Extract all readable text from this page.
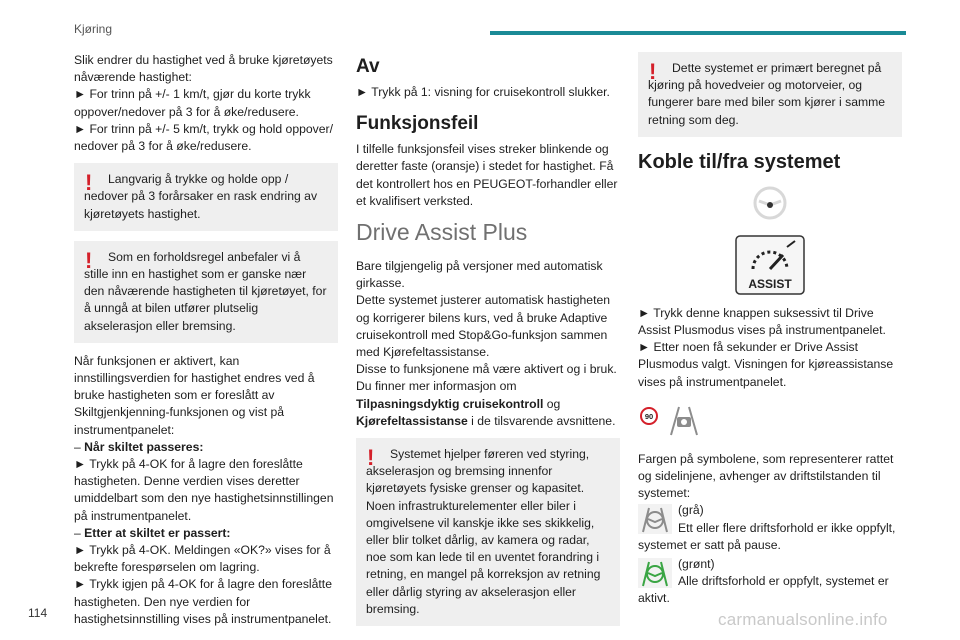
Kjøring

Slik endrer du hastighet ved å bruke kjøretøyets nåværende hastighet:

► For trinn på +/- 1 km/t, gjør du korte trykk oppover/nedover på 3 for å øke/redusere.

► For trinn på +/- 5 km/t, trykk og hold oppover/ nedover på 3 for å øke/redusere.

!	Langvarig å trykke og holde opp / nedover på 3 forårsaker en rask endring av kjøretøyets hastighet.
!	Som en forholdsregel anbefaler vi å stille inn en hastighet som er ganske nær den nåværende hastigheten til kjøretøyet, for å unngå at bilen utfører plutselig akselerasjon eller bremsing.

Når funksjonen er aktivert, kan innstillingsverdien for hastighet endres ved å bruke hastigheten som er foreslått av Skiltgjenkjenning-funksjonen og vist på instrumentpanelet:

– Når skiltet passeres:

► Trykk på 4-OK for å lagre den foreslåtte hastigheten. Denne verdien vises deretter umiddelbart som den nye hastighetsinnstillingen på instrumentpanelet.

– Etter at skiltet er passert:

► Trykk på 4-OK. Meldingen «OK?» vises for å bekrefte forespørselen om lagring.

► Trykk igjen på 4-OK for å lagre den foreslåtte hastigheten. Den nye verdien for hastighetsinnstilling vises på instrumentpanelet.

Av

► Trykk på 1: visning for cruisekontroll slukker.

Funksjonsfeil

I tilfelle funksjonsfeil vises streker blinkende og deretter faste (oransje) i stedet for hastighet. Få det kontrollert hos en PEUGEOT-forhandler eller et kvalifisert verksted.

Drive Assist Plus

Bare tilgjengelig på versjoner med automatisk girkasse.

Dette systemet justerer automatisk hastigheten og korrigerer bilens kurs, ved å bruke Adaptive cruisekontroll med Stop&Go-funksjon sammen med Kjørefeltassistanse.

Disse to funksjonene må være aktivert og i bruk. Du finner mer informasjon om
Tilpasningsdyktig cruisekontroll og
Kjørefeltassistanse i de tilsvarende avsnittene.

!	Systemet hjelper føreren ved styring, akselerasjon og bremsing innenfor kjøretøyets fysiske grenser og kapasitet. Noen infrastrukturelementer eller biler i omgivelsene vil kanskje ikke ses skikkelig, eller blir tolket dårlig, av kamera og radar, noe som kan lede til en uventet forandring i retning, en mangel på korreksjon av retning eller dårlig styring av akselerasjon eller bremsing.
!	Dette systemet er primært beregnet på kjøring på hovedveier og motorveier, og fungerer bare med biler som kjører i samme retning som deg.
Koble til/fra systemet
ASSIST

► Trykk denne knappen suksessivt til Drive Assist Plusmodus vises på instrumentpanelet.

► Etter noen få sekunder er Drive Assist Plusmodus valgt. Visningen for kjøreassistanse vises på instrumentpanelet.

90

Fargen på symbolene, som representerer rattet og sidelinjene, avhenger av driftstilstanden til systemet:

(grå)
Ett eller flere driftsforhold er ikke oppfylt, systemet er satt på pause.
(grønt)
Alle driftsforhold er oppfylt, systemet er aktivt.
114	carmanualsonline.info
